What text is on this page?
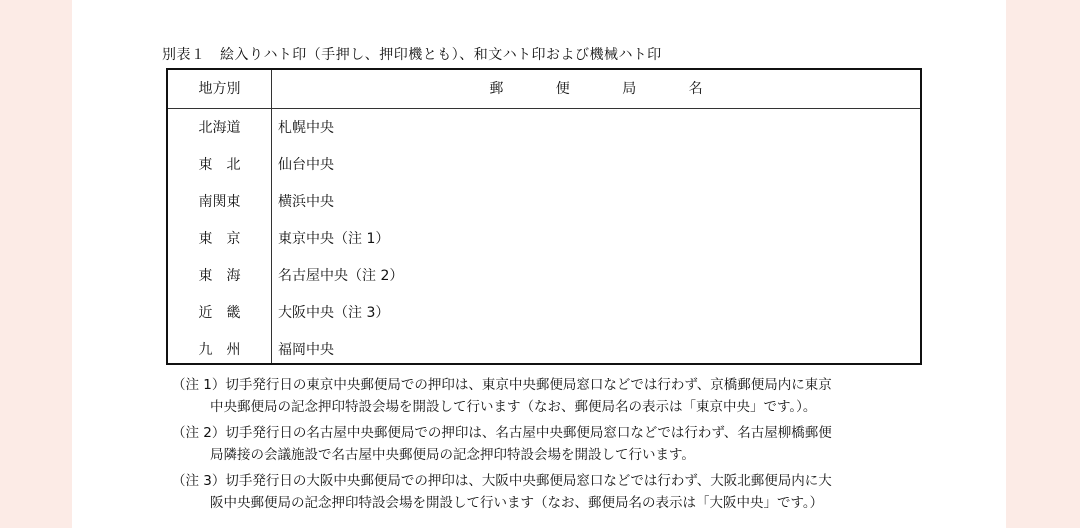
別表１　絵入りハト印（手押し、押印機とも）、和文ハト印および機械ハト印
地方別	郵	便	局	名
北海道	札幌中央
東　北	仙台中央
南関東	横浜中央
東　京	東京中央（注 1）
東　海	名古屋中央（注 2）
近　畿	大阪中央（注 3）
九　州	福岡中央
（注 1）切手発行日の東京中央郵便局での押印は、東京中央郵便局窓口などでは行わず、京橋郵便局内に東京
中央郵便局の記念押印特設会場を開設して行います（なお、郵便局名の表示は「東京中央」です。）。
（注 2）切手発行日の名古屋中央郵便局での押印は、名古屋中央郵便局窓口などでは行わず、名古屋柳橋郵便
局隣接の会議施設で名古屋中央郵便局の記念押印特設会場を開設して行います。
（注 3）切手発行日の大阪中央郵便局での押印は、大阪中央郵便局窓口などでは行わず、大阪北郵便局内に大
阪中央郵便局の記念押印特設会場を開設して行います（なお、郵便局名の表示は「大阪中央」です。）
